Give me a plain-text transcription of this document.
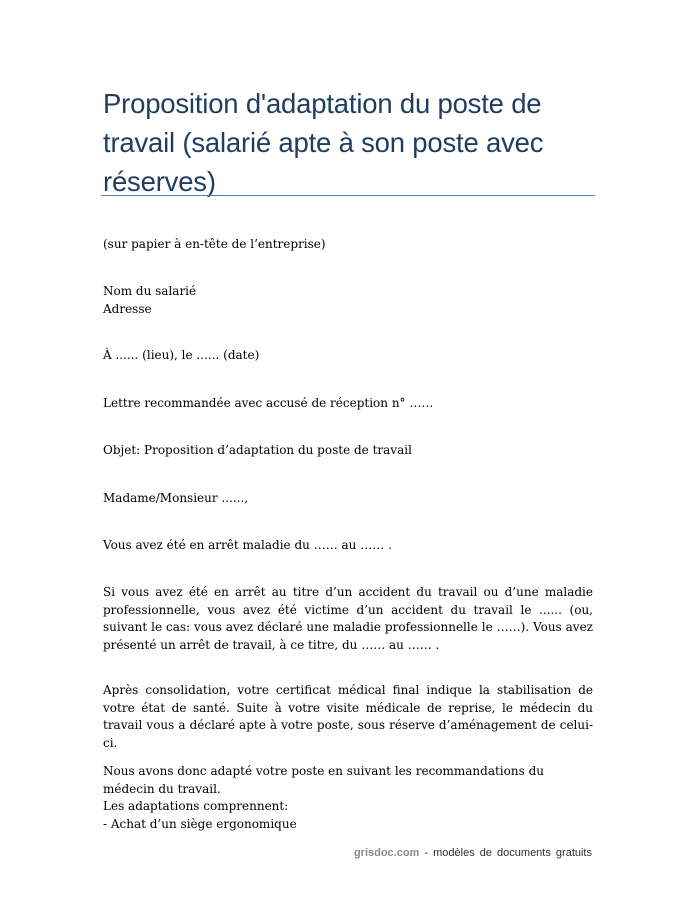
Proposition d'adaptation du poste de travail (salarié apte à son poste avec réserves)

(sur papier à en-tête de l’entreprise)

Nom du salarié
Adresse

À ...... (lieu), le ...... (date)

Lettre recommandée avec accusé de réception n° ……

Objet: Proposition d’adaptation du poste de travail

Madame/Monsieur ......,

Vous avez été en arrêt maladie du …… au …… .

Si vous avez été en arrêt au titre d’un accident du travail ou d’une maladie professionnelle, vous avez été victime d’un accident du travail le ...... (ou, suivant le cas: vous avez déclaré une maladie professionnelle le ……). Vous avez présenté un arrêt de travail, à ce titre, du …… au …… .

Après consolidation, votre certificat médical final indique la stabilisation de votre état de santé. Suite à votre visite médicale de reprise, le médecin du travail vous a déclaré apte à votre poste, sous réserve d’aménagement de celui-ci.

Nous avons donc adapté votre poste en suivant les recommandations du médecin du travail.
Les adaptations comprennent:
- Achat d’un siège ergonomique

grisdoc.com - modèles de documents gratuits
